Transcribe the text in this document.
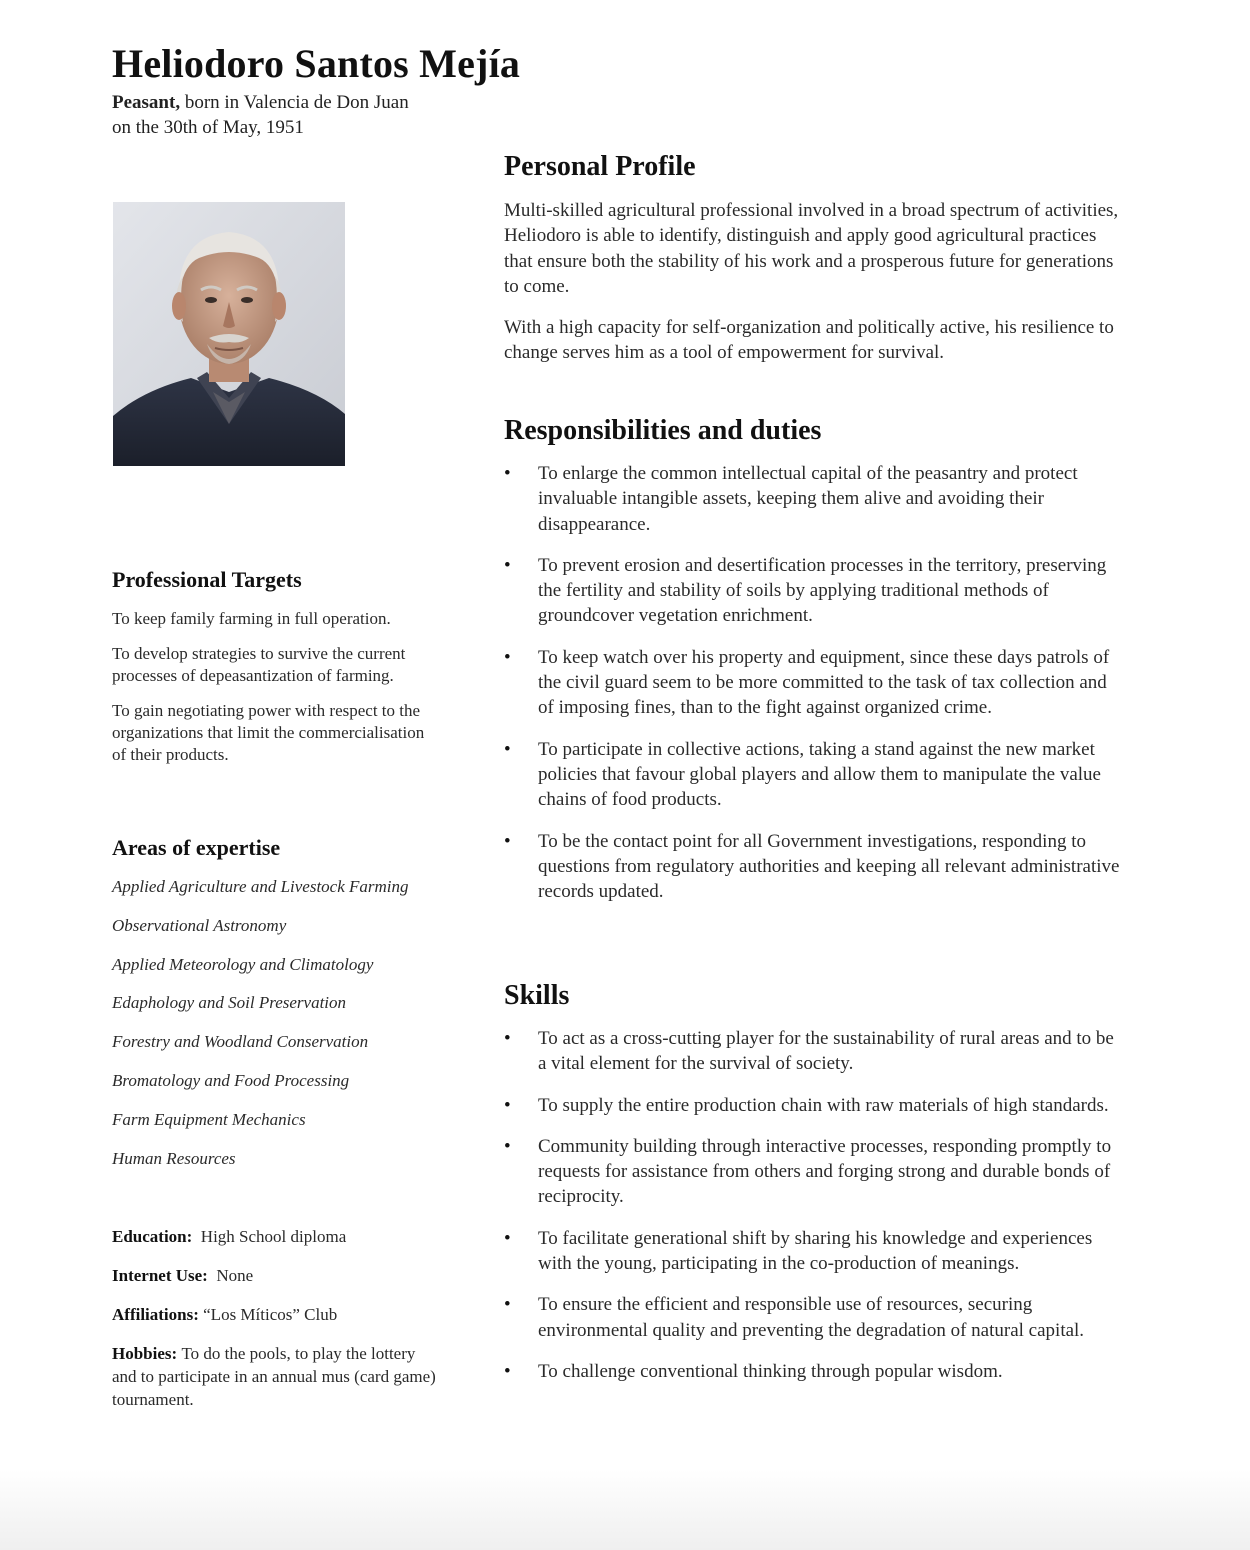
Heliodoro Santos Mejía
Peasant, born in Valencia de Don Juan
on the 30th of May, 1951
Professional Targets

To keep family farming in full operation.

To develop strategies to survive the current processes of depeasantization of farming.

To gain negotiating power with respect to the organizations that limit the commercialisation of their products.

Areas of expertise
Applied Agriculture and Livestock Farming
Observational Astronomy
Applied Meteorology and Climatology
Edaphology and Soil Preservation
Forestry and Woodland Conservation
Bromatology and Food Processing
Farm Equipment Mechanics
Human Resources
Education: High School diploma
Internet Use: None
Affiliations: “Los Míticos” Club
Hobbies: To do the pools, to play the lottery and to participate in an annual mus (card game) tournament.
Personal Profile

Multi-skilled agricultural professional involved in a broad spectrum of activities, Heliodoro is able to identify, distinguish and apply good agricultural practices that ensure both the stability of his work and a prosperous future for generations to come.

With a high capacity for self-organization and politically active, his resilience to change serves him as a tool of empowerment for survival.

Responsibilities and duties
• To enlarge the common intellectual capital of the peasantry and protect invaluable intangible assets, keeping them alive and avoiding their disappearance.
• To prevent erosion and desertification processes in the territory, preserving the fertility and stability of soils by applying traditional methods of groundcover vegetation enrichment.
• To keep watch over his property and equipment, since these days patrols of the civil guard seem to be more committed to the task of tax collection and of imposing fines, than to the fight against organized crime.
• To participate in collective actions, taking a stand against the new market policies that favour global players and allow them to manipulate the value chains of food products.
• To be the contact point for all Government investigations, responding to questions from regulatory authorities and keeping all relevant administrative records updated.
Skills
• To act as a cross-cutting player for the sustainability of rural areas and to be a vital element for the survival of society.
• To supply the entire production chain with raw materials of high standards.
• Community building through interactive processes, responding promptly to requests for assistance from others and forging strong and durable bonds of reciprocity.
• To facilitate generational shift by sharing his knowledge and experiences with the young, participating in the co-production of meanings.
• To ensure the efficient and responsible use of resources, securing environmental quality and preventing the degradation of natural capital.
• To challenge conventional thinking through popular wisdom.
